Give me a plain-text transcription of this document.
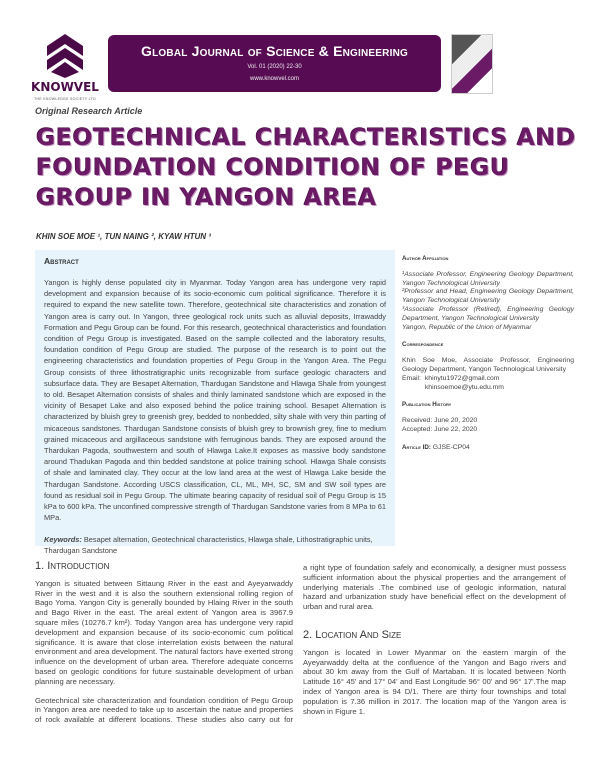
KNOWVEL
THE KNOWLEDGE SOCIETY LTD
Global Journal of Science & Engineering
Vol. 01 (2020) 22-30
www.knowvel.com
Original Research Article
GEOTECHNICAL CHARACTERISTICS AND
FOUNDATION CONDITION OF PEGU
GROUP IN YANGON AREA
KHIN SOE MOE ¹, TUN NAING ², KYAW HTUN ³
Abstract
Yangon is highly dense populated city in Myanmar. Today Yangon area has undergone very rapid development and expansion because of its socio-economic cum political significance. Therefore it is required to expand the new satellite town. Therefore, geotechnical site characteristics and zonation of Yangon area is carry out. In Yangon, three geological rock units such as alluvial deposits, Irrawaddy Formation and Pegu Group can be found. For this research, geotechnical characteristics and foundation condition of Pegu Group is investigated. Based on the sample collected and the laboratory results, foundation condition of Pegu Group are studied. The purpose of the research is to point out the engineering characteristics and foundation properties of Pegu Group in the Yangon Area. The Pegu Group consists of three lithostratigraphic units recognizable from surface geologic characters and subsurface data. They are Besapet Alternation, Thardugan Sandstone and Hlawga Shale from youngest to old. Besapet Alternation consists of shales and thinly laminated sandstone which are exposed in the vicinity of Besapet Lake and also exposed behind the police training school. Besapet Alternation is characterized by bluish grey to greenish grey, bedded to nonbedded, silty shale with very thin parting of micaceous sandstones. Thardugan Sandstone consists of bluish grey to brownish grey, fine to medium grained micaceous and argillaceous sandstone with ferruginous bands. They are exposed around the Thardukan Pagoda, southwestern and south of Hlawga Lake.It exposes as massive body sandstone around Thadukan Pagoda and thin bedded sandstone at police training school. Hlawga Shale consists of shale and laminated clay. They occur at the low land area at the west of Hlawga Lake beside the Thardugan Sandstone. According USCS classification, CL, ML, MH, SC, SM and SW soil types are found as residual soil in Pegu Group. The ultimate bearing capacity of residual soil of Pegu Group is 15 kPa to 600 kPa. The unconfined compressive strength of Thardugan Sandstone varies from 8 MPa to 61 MPa.
Keywords: Besapet alternation, Geotechnical characteristics, Hlawga shale, Lithostratigraphic units, Thardugan Sandstone
Author Affiliation
¹Associate Professor, Engineering Geology Department, Yangon Technological University
²Professor and Head, Engineering Geology Department, Yangon Technological University
³Associate Professor (Retired), Engineering Geology Department, Yangon Technological University
Yangon, Republic of the Union of Myanmar
Correspondence
Khin Soe Moe, Associate Professor, Engineering Geology Department, Yangon Technological University
Email: khinytu1972@gmail.com
khinsoemoe@ytu.edu.mm
Publication History
Received: June 20, 2020
Accepted: June 22, 2020
Article ID: GJSE-CP04
1. Introduction

Yangon is situated between Sittaung River in the east and Ayeyarwaddy River in the west and it is also the southern extensional rolling region of Bago Yoma. Yangon City is generally bounded by Hlaing River in the south and Bago River in the east. The areal extent of Yangon area is 3967.9 square miles (10276.7 km²). Today Yangon area has undergone very rapid development and expansion because of its socio-economic cum political significance. It is aware that close interrelation exists between the natural environment and area development. The natural factors have exerted strong influence on the development of urban area. Therefore adequate concerns based on geologic conditions for future sustainable development of urban planning are necessary.

Geotechnical site characterization and foundation condition of Pegu Group in Yangon area are needed to take up to ascertain the natue and properties of rock available at different locations. These studies also carry out for

a right type of foundation safely and economically, a designer must possess sufficient information about the physical properties and the arrangement of underlying materials .The combined use of geologic information, natural hazard and urbanization study have beneficial effect on the development of urban and rural area.

2. Location And Size

Yangon is located in Lower Myanmar on the eastern margin of the Ayeyarwaddy delta at the confluence of the Yangon and Bago rivers and about 30 km away from the Gulf of Martaban. It is located between North Latitude 16° 45' and 17° 04' and East Longitude 96° 00' and 96° 17'.The map index of Yangon area is 94 D/1. There are thirty four townships and total population is 7.36 million in 2017. The location map of the Yangon area is shown in Figure 1.
